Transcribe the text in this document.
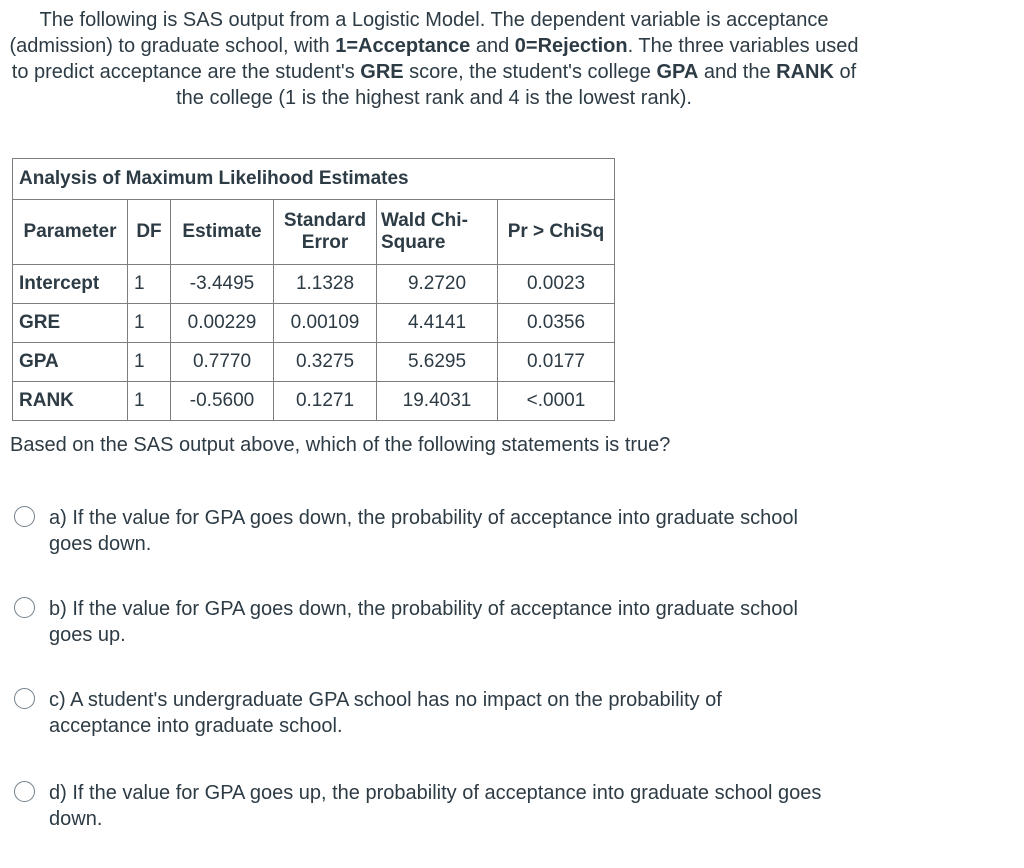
The following is SAS output from a Logistic Model. The dependent variable is acceptance (admission) to graduate school, with 1=Acceptance and 0=Rejection. The three variables used to predict acceptance are the student's GRE score, the student's college GPA and the RANK of the college (1 is the highest rank and 4 is the lowest rank).
Analysis of Maximum Likelihood Estimates					
Parameter	DF	Estimate	Standard Error	Wald Chi-Square	Pr > ChiSq
Intercept	1	-3.4495	1.1328	9.2720	0.0023
GRE	1	0.00229	0.00109	4.4141	0.0356
GPA	1	0.7770	0.3275	5.6295	0.0177
RANK	1	-0.5600	0.1271	19.4031	<.0001
Based on the SAS output above, which of the following statements is true?
a) If the value for GPA goes down, the probability of acceptance into graduate school goes down.
b) If the value for GPA goes down, the probability of acceptance into graduate school goes up.
c) A student's undergraduate GPA school has no impact on the probability of acceptance into graduate school.
d) If the value for GPA goes up, the probability of acceptance into graduate school goes down.
